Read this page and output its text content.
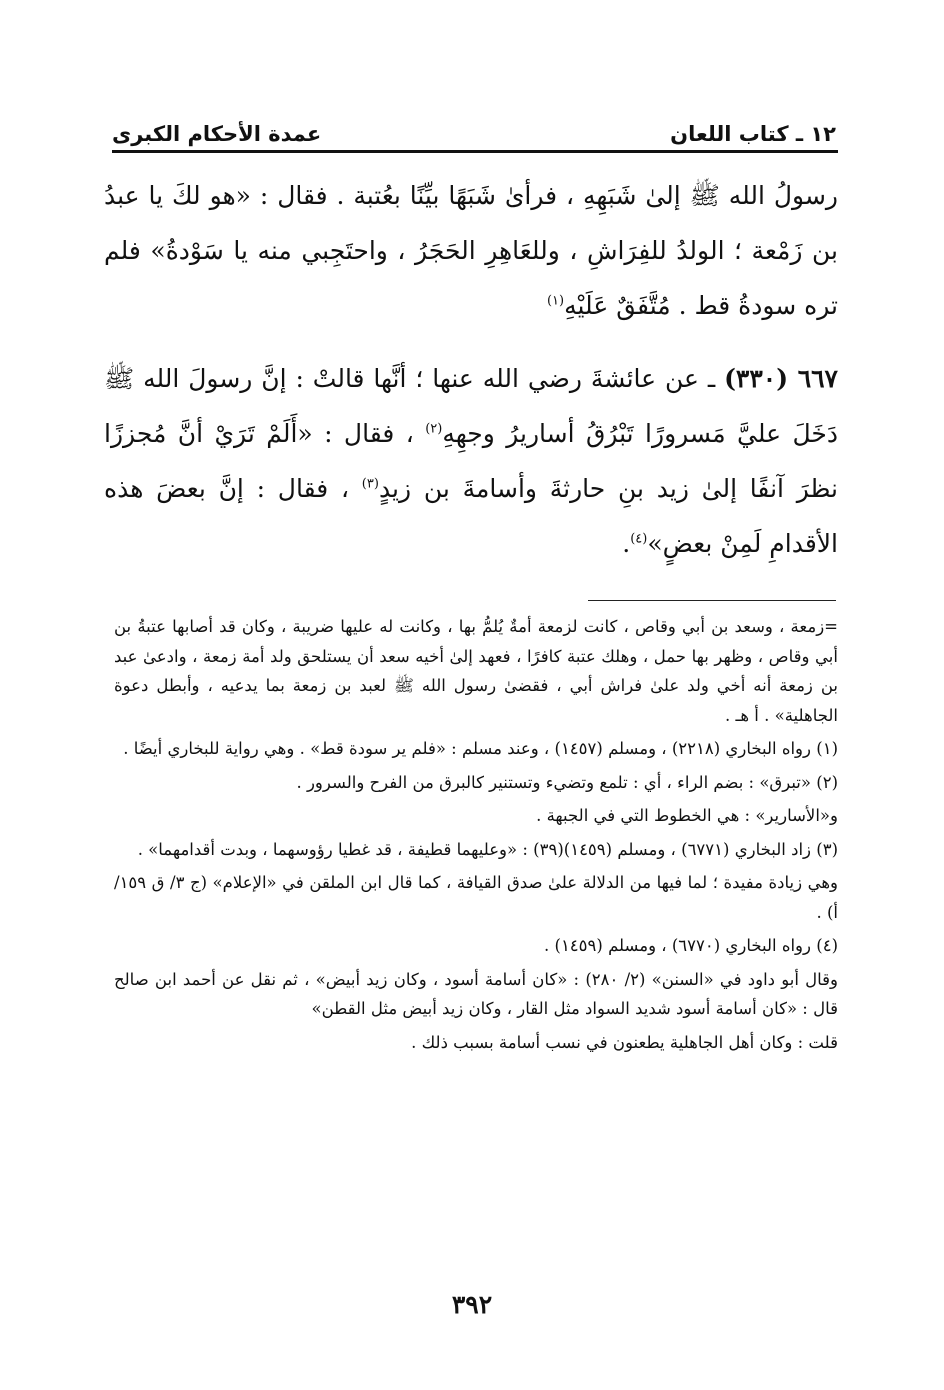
١٢ ـ كتاب اللعان
عمدة الأحكام الكبرى

رسولُ الله ﷺ إلىٰ شَبَهِهِ ، فرأىٰ شَبَهًا بيِّنًا بعُتبة . فقال : «هو لكَ يا عبدُ بن زَمْعة ؛ الولدُ للفِرَاشِ ، وللعَاهِرِ الحَجَرُ ، واحتَجِبي منه يا سَوْدةُ» فلم تره سودةُ قط . مُتَّفَقٌ عَلَيْهِ$^{(١)}$

٦٦٧ (٣٣٠) ـ عن عائشةَ رضي الله عنها ؛ أنَّها قالتْ : إنَّ رسولَ الله ﷺ دَخَلَ عليَّ مَسرورًا تَبْرُقُ أساريرُ وجهِهِ$^{(٢)}$ ، فقال : «أَلَمْ تَرَيْ أنَّ مُجززًا نظرَ آنفًا إلىٰ زيد بنِ حارثةَ وأسامةَ بن زيدٍ$^{(٣)}$ ، فقال : إنَّ بعضَ هذه الأقدامِ لَمِنْ بعضٍ»$^{(٤)}$.

=زمعة ، وسعد بن أبي وقاص ، كانت لزمعة أمةٌ يُلمُّ بها ، وكانت له عليها ضريبة ، وكان قد أصابها عتبةُ بن أبي وقاص ، وظهر بها حمل ، وهلك عتبة كافرًا ، فعهد إلىٰ أخيه سعد أن يستلحق ولد أمة زمعة ، وادعىٰ عبد بن زمعة أنه أخي ولد علىٰ فراش أبي ، فقضىٰ رسول الله ﷺ لعبد بن زمعة بما يدعيه ، وأبطل دعوة الجاهلية» . أ هـ .

(١) رواه البخاري (٢٢١٨) ، ومسلم (١٤٥٧) ، وعند مسلم : «فلم ير سودة قط» . وهي رواية للبخاري أيضًا .

(٢) «تبرق» : بضم الراء ، أي : تلمع وتضيء وتستنير كالبرق من الفرح والسرور .

و«الأسارير» : هي الخطوط التي في الجبهة .

(٣) زاد البخاري (٦٧٧١) ، ومسلم (١٤٥٩)(٣٩) : «وعليهما قطيفة ، قد غطيا رؤوسهما ، وبدت أقدامهما» .

وهي زيادة مفيدة ؛ لما فيها من الدلالة علىٰ صدق القيافة ، كما قال ابن الملقن في «الإعلام» (ج ٣/ ق ١٥٩/ أ) .

(٤) رواه البخاري (٦٧٧٠) ، ومسلم (١٤٥٩) .

وقال أبو داود في «السنن» (٢/ ٢٨٠) : «كان أسامة أسود ، وكان زيد أبيض» ، ثم نقل عن أحمد ابن صالح قال : «كان أسامة أسود شديد السواد مثل القار ، وكان زيد أبيض مثل القطن»

قلت : وكان أهل الجاهلية يطعنون في نسب أسامة بسبب ذلك .

٣٩٢
